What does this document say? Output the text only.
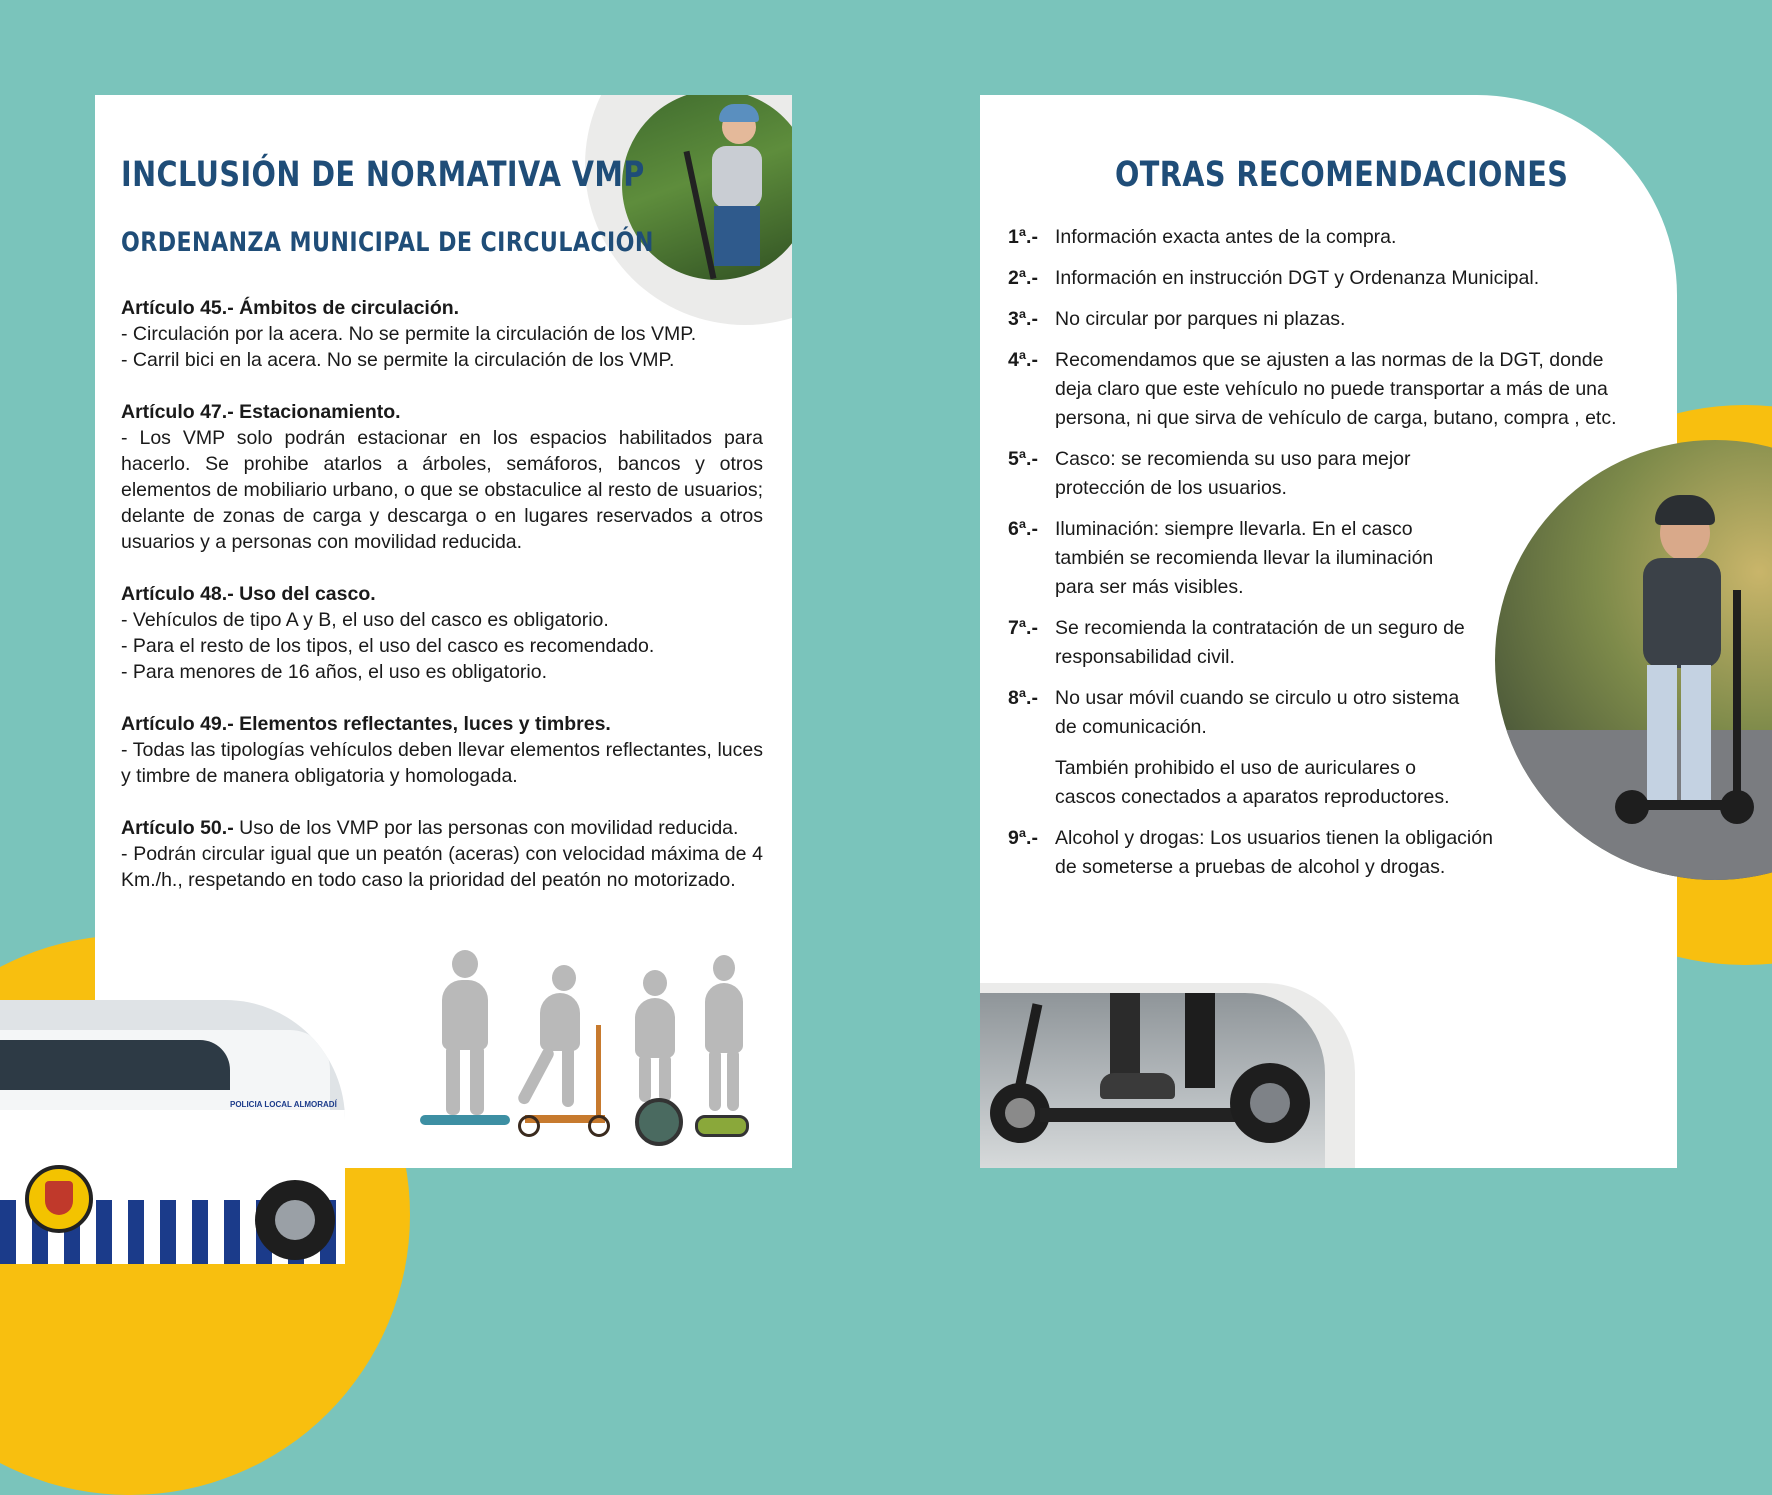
INCLUSIÓN DE NORMATIVA VMP
ORDENANZA MUNICIPAL DE CIRCULACIÓN

Artículo 45.- Ámbitos de circulación.

- Circulación por la acera. No se permite la circulación de los VMP.

- Carril bici en la acera. No se permite la circulación de los VMP.

Artículo 47.- Estacionamiento.

- Los VMP solo podrán estacionar en los espacios habilitados para hacerlo. Se prohibe atarlos a árboles, semáforos, bancos y otros elementos de mobiliario urbano, o que se obstaculice al resto de usuarios; delante de zonas de carga y descarga o en lugares reservados a otros usuarios y a personas con movilidad reducida.

Artículo 48.- Uso del casco.

- Vehículos de tipo A y B, el uso del casco es obligatorio.

- Para el resto de los tipos, el uso del casco es recomendado.

- Para menores de 16 años, el uso es obligatorio.

Artículo 49.- Elementos reflectantes, luces y timbres.

- Todas las tipologías vehículos deben llevar elementos reflectantes, luces y timbre de manera obligatoria y homologada.

Artículo 50.- Uso de los VMP por las personas con movilidad reducida.

- Podrán circular igual que un peatón (aceras) con velocidad máxima de 4 Km./h., respetando en todo caso la prioridad del peatón no motorizado.

POLICIA LOCAL ALMORADÍ
OTRAS RECOMENDACIONES
1ª.- Información exacta antes de la compra.
2ª.- Información en instrucción DGT y Ordenanza Municipal.
3ª.- No circular por parques ni plazas.
4ª.- Recomendamos que se ajusten a las normas de la DGT, donde deja claro que este vehículo no puede transportar a más de una persona, ni que sirva de vehículo de carga, butano, compra , etc.
5ª.- Casco: se recomienda su uso para mejor protección de los usuarios.
6ª.- Iluminación: siempre llevarla. En el casco también se recomienda llevar la iluminación para ser más visibles.
7ª.- Se recomienda la contratación de un seguro de responsabilidad civil.
8ª.- No usar móvil cuando se circulo u otro sistema de comunicación.
También prohibido el uso de auriculares o cascos conectados a aparatos reproductores.
9ª.- Alcohol y drogas: Los usuarios tienen la obligación de someterse a pruebas de alcohol y drogas.
